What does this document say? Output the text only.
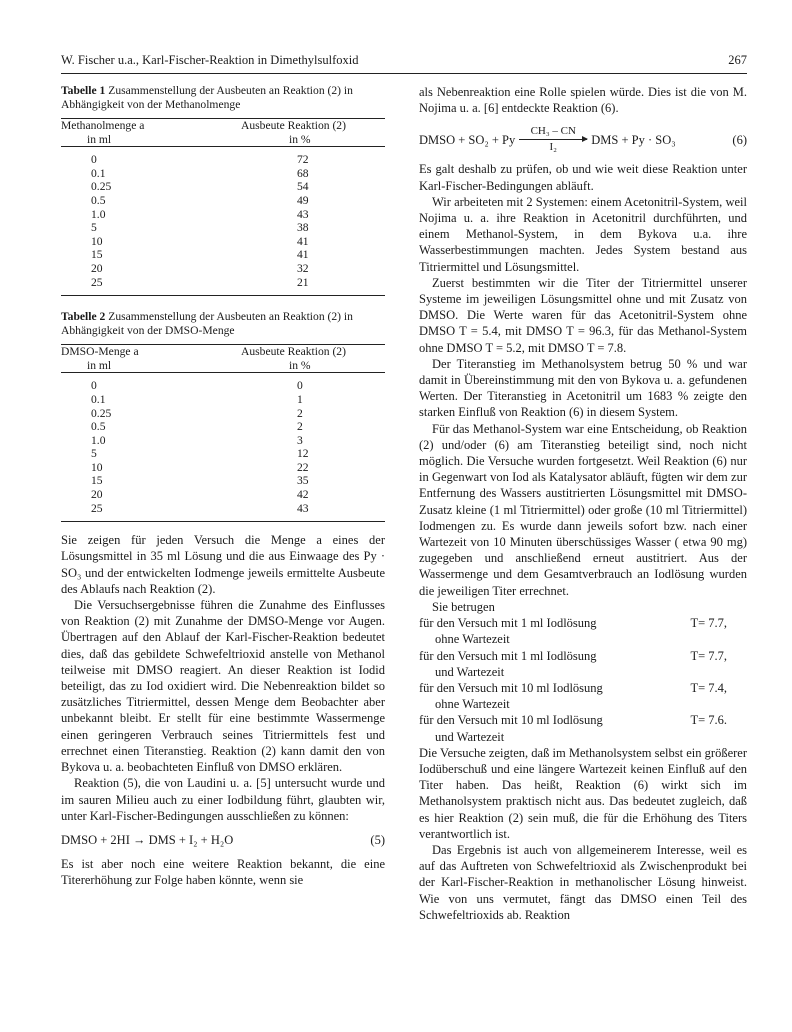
W. Fischer u.a., Karl-Fischer-Reaktion in Dimethylsulfoxid	267

Tabelle 1 Zusammenstellung der Ausbeuten an Reaktion (2) in Abhängigkeit von der Methanolmenge

Methanolmenge a
in ml	Ausbeute Reaktion (2)
in %

0	72
0.1	68
0.25	54
0.5	49
1.0	43
5	38
10	41
15	41
20	32
25	21

Tabelle 2 Zusammenstellung der Ausbeuten an Reaktion (2) in Abhängigkeit von der DMSO-Menge

DMSO-Menge a
in ml	Ausbeute Reaktion (2)
in %

0	0
0.1	1
0.25	2
0.5	2
1.0	3
5	12
10	22
15	35
20	42
25	43

Sie zeigen für jeden Versuch die Menge a eines der Lösungsmittel in 35 ml Lösung und die aus Einwaage des Py · SO₃ und der entwickelten Iodmenge jeweils ermittelte Ausbeute des Ablaufs nach Reaktion (2).

Die Versuchsergebnisse führen die Zunahme des Einflusses von Reaktion (2) mit Zunahme der DMSO-Menge vor Augen. Übertragen auf den Ablauf der Karl-Fischer-Reaktion bedeutet dies, daß das gebildete Schwefeltrioxid anstelle von Methanol teilweise mit DMSO reagiert. An dieser Reaktion ist Iodid beteiligt, das zu Iod oxidiert wird. Die Nebenreaktion bildet so zusätzliches Titriermittel, dessen Menge dem Beobachter aber unbekannt bleibt. Er stellt für eine bestimmte Wassermenge einen geringeren Verbrauch seines Titriermittels fest und errechnet einen Titeranstieg. Reaktion (2) kann damit den von Bykova u. a. beobachteten Einfluß von DMSO erklären.

Reaktion (5), die von Laudini u. a. [5] untersucht wurde und im sauren Milieu auch zu einer Iodbildung führt, glaubten wir, unter Karl-Fischer-Bedingungen ausschließen zu können:

DMSO + 2HI → DMS + I₂ + H₂O	(5)

Es ist aber noch eine weitere Reaktion bekannt, die eine Titererhöhung zur Folge haben könnte, wenn sie

als Nebenreaktion eine Rolle spielen würde. Dies ist die von M. Nojima u. a. [6] entdeckte Reaktion (6).

DMSO + SO₂ + Py
CH₃ – CN
I₂
DMS + Py · SO₃	(6)

Es galt deshalb zu prüfen, ob und wie weit diese Reaktion unter Karl-Fischer-Bedingungen abläuft.

Wir arbeiteten mit 2 Systemen: einem Acetonitril-System, weil Nojima u. a. ihre Reaktion in Acetonitril durchführten, und einem Methanol-System, in dem Bykova u.a. ihre Wasserbestimmungen machten. Jedes System bestand aus Titriermittel und Lösungsmittel.

Zuerst bestimmten wir die Titer der Titriermittel unserer Systeme im jeweiligen Lösungsmittel ohne und mit Zusatz von DMSO. Die Werte waren für das Acetonitril-System ohne DMSO T = 5.4, mit DMSO T = 96.3, für das Methanol-System ohne DMSO T = 5.2, mit DMSO T = 7.8.

Der Titeranstieg im Methanolsystem betrug 50 % und war damit in Übereinstimmung mit den von Bykova u. a. gefundenen Werten. Der Titeranstieg in Acetonitril um 1683 % zeigte den starken Einfluß von Reaktion (6) in diesem System.

Für das Methanol-System war eine Entscheidung, ob Reaktion (2) und/oder (6) am Titeranstieg beteiligt sind, noch nicht möglich. Die Versuche wurden fortgesetzt. Weil Reaktion (6) nur in Gegenwart von Iod als Katalysator abläuft, fügten wir dem zur Entfernung des Wassers austitrierten Lösungsmittel mit DMSO-Zusatz kleine (1 ml Titriermittel) oder große (10 ml Titriermittel) Iodmengen zu. Es wurde dann jeweils sofort bzw. nach einer Wartezeit von 10 Minuten überschüssiges Wasser ( etwa 90 mg) zugegeben und anschließend erneut austitriert. Aus der Wassermenge und dem Gesamtverbrauch an Iodlösung wurden die jeweiligen Titer errechnet.

Sie betrugen

für den Versuch mit 1 ml Iodlösung	T= 7.7,
ohne Wartezeit
für den Versuch mit 1 ml Iodlösung	T= 7.7,
und Wartezeit
für den Versuch mit 10 ml Iodlösung	T= 7.4,
ohne Wartezeit
für den Versuch mit 10 ml Iodlösung	T= 7.6.
und Wartezeit

Die Versuche zeigten, daß im Methanolsystem selbst ein größerer Iodüberschuß und eine längere Wartezeit keinen Einfluß auf den Titer haben. Das heißt, Reaktion (6) wirkt sich im Methanolsystem praktisch nicht aus. Das bedeutet zugleich, daß es hier Reaktion (2) sein muß, die für die Erhöhung des Titers verantwortlich ist.

Das Ergebnis ist auch von allgemeinerem Interesse, weil es auf das Auftreten von Schwefeltrioxid als Zwischenprodukt bei der Karl-Fischer-Reaktion in methanolischer Lösung hinweist. Wie von uns vermutet, fängt das DMSO einen Teil des Schwefeltrioxids ab. Reaktion
